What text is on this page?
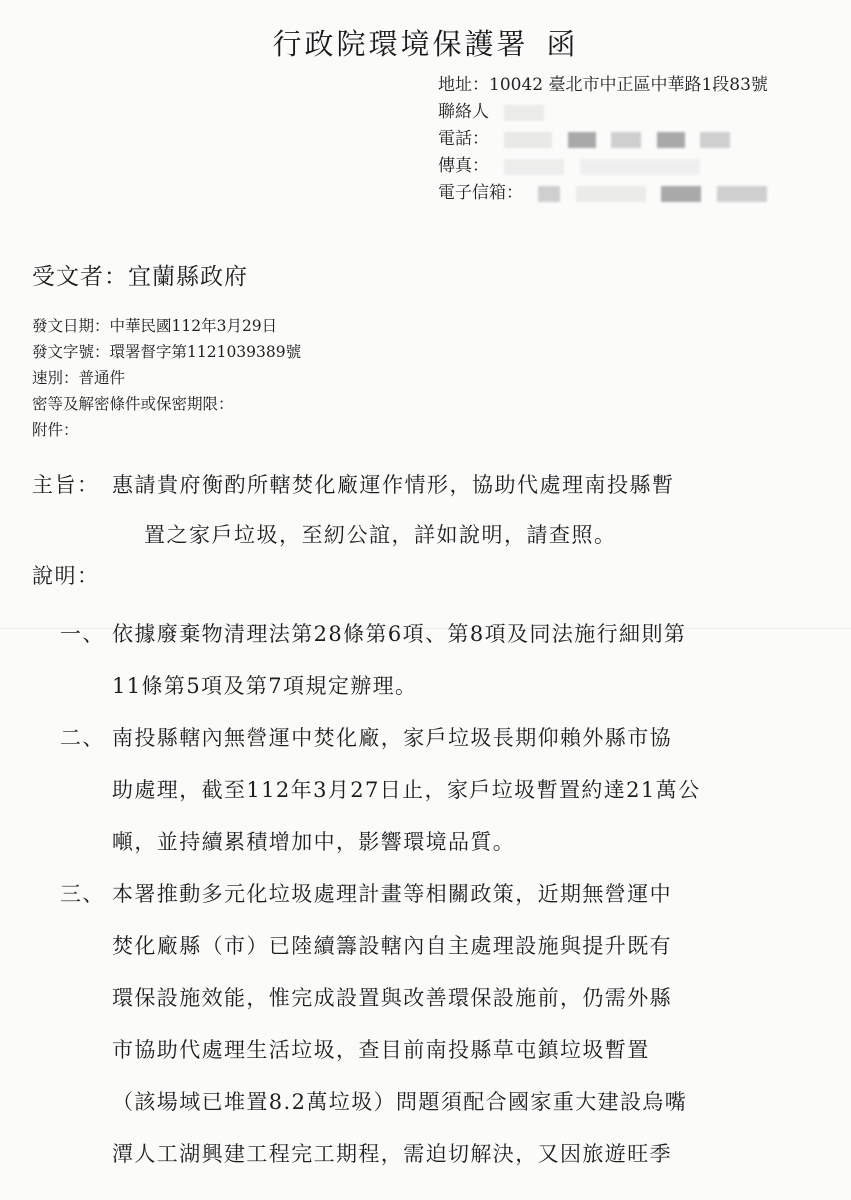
行政院環境保護署 函
地址：10042 臺北市中正區中華路1段83號
聯絡人
電話：
傳真：
電子信箱：
受文者：宜蘭縣政府
發文日期：中華民國112年3月29日
發文字號：環署督字第1121039389號
速別：普通件
密等及解密條件或保密期限：
附件：
主旨： 惠請貴府衡酌所轄焚化廠運作情形，協助代處理南投縣暫
置之家戶垃圾，至紉公誼，詳如說明，請查照。
說明：
一、 依據廢棄物清理法第28條第6項、第8項及同法施行細則第
11條第5項及第7項規定辦理。
二、 南投縣轄內無營運中焚化廠，家戶垃圾長期仰賴外縣市協
助處理，截至112年3月27日止，家戶垃圾暫置約達21萬公
噸，並持續累積增加中，影響環境品質。
三、 本署推動多元化垃圾處理計畫等相關政策，近期無營運中
焚化廠縣（市）已陸續籌設轄內自主處理設施與提升既有
環保設施效能，惟完成設置與改善環保設施前，仍需外縣
市協助代處理生活垃圾，查目前南投縣草屯鎮垃圾暫置
（該場域已堆置8.2萬垃圾）問題須配合國家重大建設烏嘴
潭人工湖興建工程完工期程，需迫切解決，又因旅遊旺季
